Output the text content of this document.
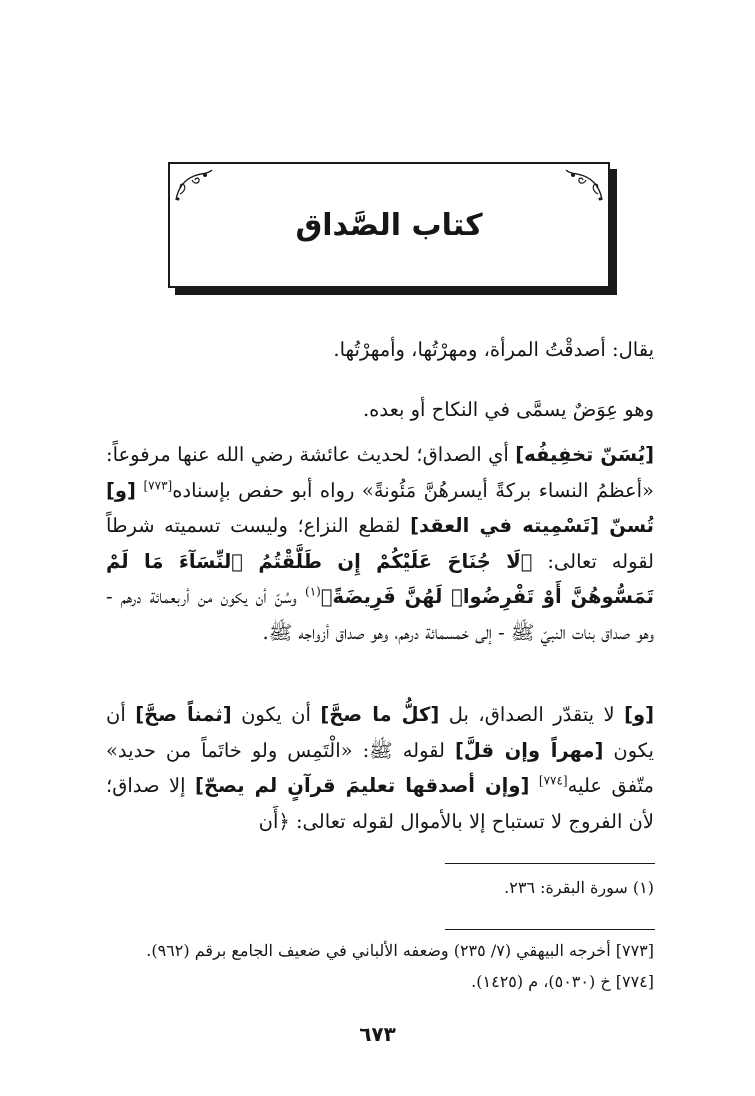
كتاب الصَّداق
يقال: أصدقْتُ المرأة، ومهرْتُها، وأمهرْتُها.
وهو عِوَضٌ يسمَّى في النكاح أو بعده.
[يُسَنّ تخفِيفُه] أي الصداق؛ لحديث عائشة رضي الله عنها مرفوعاً: «أعظمُ النساء بركةً أيسرهُنَّ مَئُونةً» رواه أبو حفص بإسناده[٧٧٣] [و] تُسنّ [تَسْمِيته في العقد] لقطع النزاع؛ وليست تسميته شرطاً لقوله تعالى: ﴿لَا جُنَاحَ عَلَيْكُمْ إِن طَلَّقْتُمُ ٱلنِّسَآءَ مَا لَمْ تَمَسُّوهُنَّ أَوْ تَفْرِضُوا۟ لَهُنَّ فَرِيضَةً﴾$^{(١)}$ وسُنّ أن يكون من أربعمائة درهم - وهو صداق بنات النبيّ ﷺ - إلى خمسمائة درهم، وهو صداق أزواجه ﷺ.
[و] لا يتقدّر الصداق، بل [كلُّ ما صحَّ] أن يكون [ثمناً صحَّ] أن يكون [مهراً وإن قلَّ] لقوله ﷺ: «الْتَمِس ولو خاتَماً من حديد» متّفق عليه[٧٧٤] [وإن أصدقها تعليمَ قرآنٍ لم يصحّ] إلا صداق؛ لأن الفروج لا تستباح إلا بالأموال لقوله تعالى: ﴿أَن
(١) سورة البقرة: ٢٣٦.
[٧٧٣] أخرجه البيهقي (٧/ ٢٣٥) وضعفه الألباني في ضعيف الجامع برقم (٩٦٢).
[٧٧٤] خ (٥٠٣٠)، م (١٤٢٥).
٦٧٣
